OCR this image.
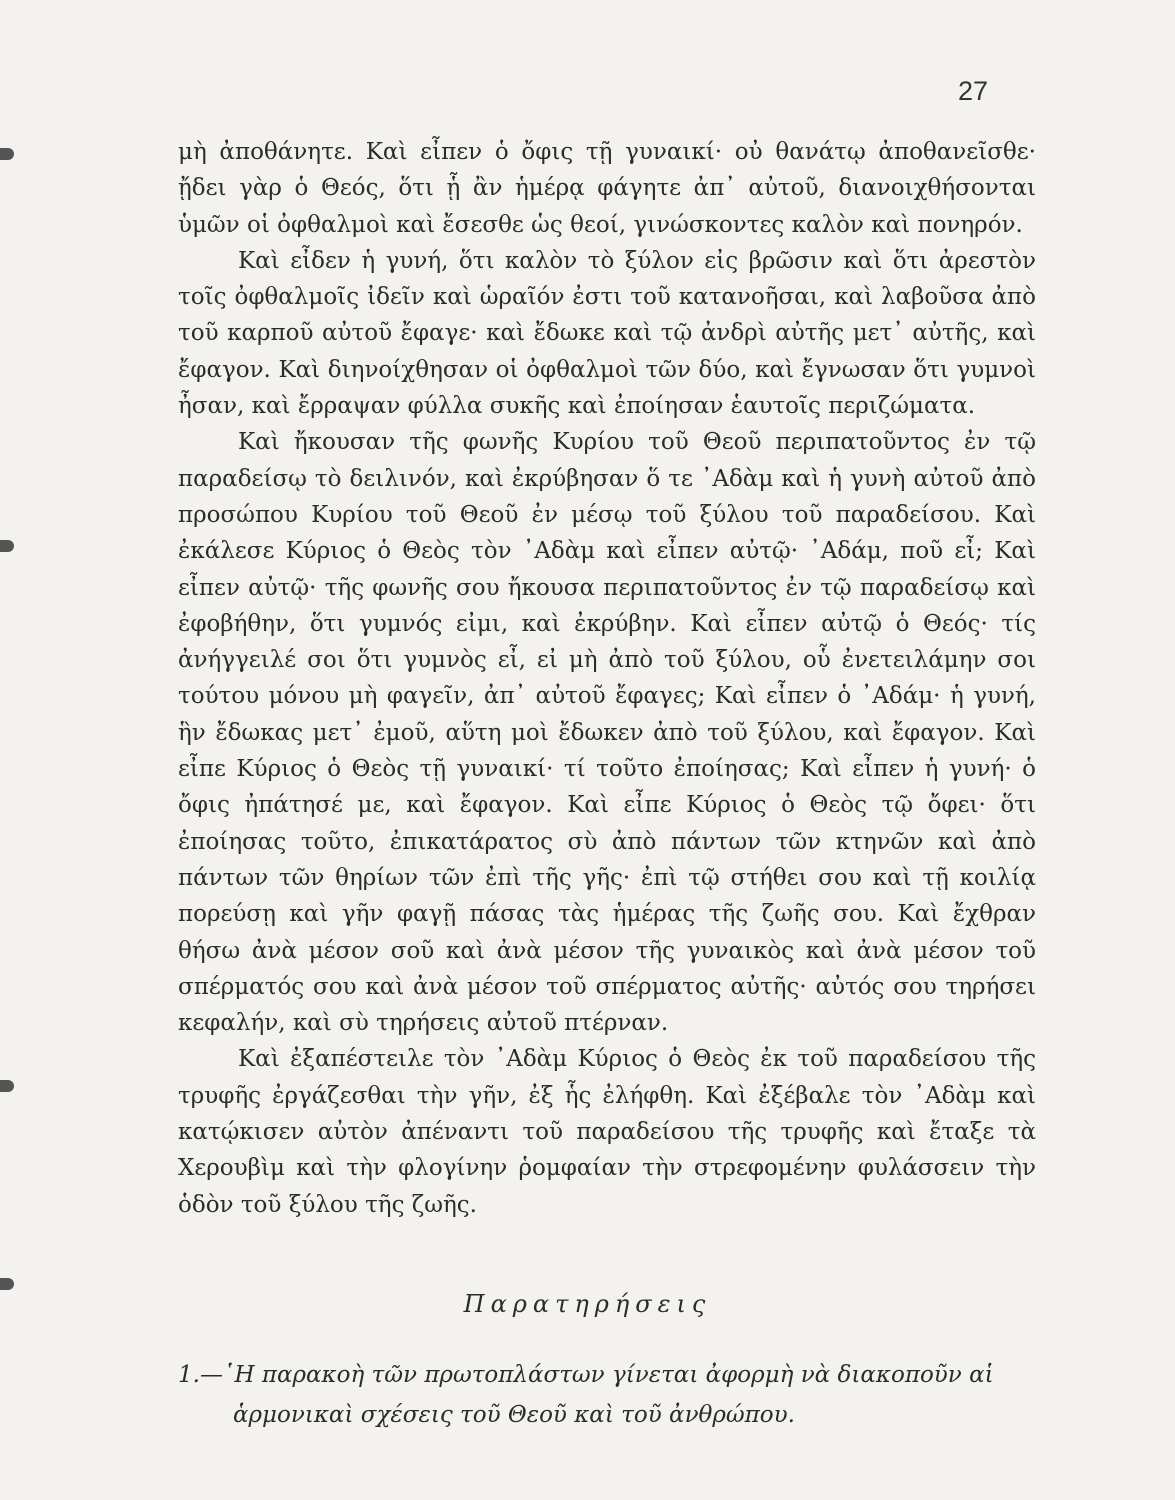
27

μὴ ἀποθάνητε. Καὶ εἶπεν ὁ ὄφις τῇ γυναικί· οὐ θανάτῳ ἀποθανεῖσθε· ᾔδει γὰρ ὁ Θεός, ὅτι ᾗ ἂν ἡμέρᾳ φάγητε ἀπ᾿ αὐτοῦ, διανοιχθήσονται ὑμῶν οἱ ὀφθαλμοὶ καὶ ἔσεσθε ὡς θεοί, γινώσκοντες καλὸν καὶ πονηρόν.

Καὶ εἶδεν ἡ γυνή, ὅτι καλὸν τὸ ξύλον εἰς βρῶσιν καὶ ὅτι ἀρεστὸν τοῖς ὀφθαλμοῖς ἰδεῖν καὶ ὡραῖόν ἐστι τοῦ κατανοῆσαι, καὶ λαβοῦσα ἀπὸ τοῦ καρποῦ αὐτοῦ ἔφαγε· καὶ ἔδωκε καὶ τῷ ἀνδρὶ αὐτῆς μετ᾿ αὐτῆς, καὶ ἔφαγον. Καὶ διηνοίχθησαν οἱ ὀφθαλμοὶ τῶν δύο, καὶ ἔγνωσαν ὅτι γυμνοὶ ἦσαν, καὶ ἔρραψαν φύλλα συκῆς καὶ ἐποίησαν ἑαυτοῖς περιζώματα.

Καὶ ἤκουσαν τῆς φωνῆς Κυρίου τοῦ Θεοῦ περιπατοῦντος ἐν τῷ παραδείσῳ τὸ δειλινόν, καὶ ἐκρύβησαν ὅ τε ᾿Αδὰμ καὶ ἡ γυνὴ αὐτοῦ ἀπὸ προσώπου Κυρίου τοῦ Θεοῦ ἐν μέσῳ τοῦ ξύλου τοῦ παραδείσου. Καὶ ἐκάλεσε Κύριος ὁ Θεὸς τὸν ᾿Αδὰμ καὶ εἶπεν αὐτῷ· ᾿Αδάμ, ποῦ εἶ; Καὶ εἶπεν αὐτῷ· τῆς φωνῆς σου ἤκουσα περιπατοῦντος ἐν τῷ παραδείσῳ καὶ ἐφοβήθην, ὅτι γυμνός εἰμι, καὶ ἐκρύβην. Καὶ εἶπεν αὐτῷ ὁ Θεός· τίς ἀνήγγειλέ σοι ὅτι γυμνὸς εἶ, εἰ μὴ ἀπὸ τοῦ ξύλου, οὗ ἐνετειλάμην σοι τούτου μόνου μὴ φαγεῖν, ἀπ᾿ αὐτοῦ ἔφαγες; Καὶ εἶπεν ὁ ᾿Αδάμ· ἡ γυνή, ἣν ἔδωκας μετ᾿ ἐμοῦ, αὕτη μοὶ ἔδωκεν ἀπὸ τοῦ ξύλου, καὶ ἔφαγον. Καὶ εἶπε Κύριος ὁ Θεὸς τῇ γυναικί· τί τοῦτο ἐποίησας; Καὶ εἶπεν ἡ γυνή· ὁ ὄφις ἠπάτησέ με, καὶ ἔφαγον. Καὶ εἶπε Κύριος ὁ Θεὸς τῷ ὄφει· ὅτι ἐποίησας τοῦτο, ἐπικατάρατος σὺ ἀπὸ πάντων τῶν κτηνῶν καὶ ἀπὸ πάντων τῶν θηρίων τῶν ἐπὶ τῆς γῆς· ἐπὶ τῷ στήθει σου καὶ τῇ κοιλίᾳ πορεύσῃ καὶ γῆν φαγῇ πάσας τὰς ἡμέρας τῆς ζωῆς σου. Καὶ ἔχθραν θήσω ἀνὰ μέσον σοῦ καὶ ἀνὰ μέσον τῆς γυναικὸς καὶ ἀνὰ μέσον τοῦ σπέρματός σου καὶ ἀνὰ μέσον τοῦ σπέρματος αὐτῆς· αὐτός σου τηρήσει κεφαλήν, καὶ σὺ τηρήσεις αὐτοῦ πτέρναν.

Καὶ ἐξαπέστειλε τὸν ᾿Αδὰμ Κύριος ὁ Θεὸς ἐκ τοῦ παραδείσου τῆς τρυφῆς ἐργάζεσθαι τὴν γῆν, ἐξ ἧς ἐλήφθη. Καὶ ἐξέβαλε τὸν ᾿Αδὰμ καὶ κατῴκισεν αὐτὸν ἀπέναντι τοῦ παραδείσου τῆς τρυφῆς καὶ ἔταξε τὰ Χερουβὶμ καὶ τὴν φλογίνην ῥομφαίαν τὴν στρεφομένην φυλάσσειν τὴν ὁδὸν τοῦ ξύλου τῆς ζωῆς.

Παρατηρήσεις
1.—῾Η παρακοὴ τῶν πρωτοπλάστων γίνεται ἀφορμὴ νὰ διακοποῦν αἱ
ἁρμονικαὶ σχέσεις τοῦ Θεοῦ καὶ τοῦ ἀνθρώπου.
